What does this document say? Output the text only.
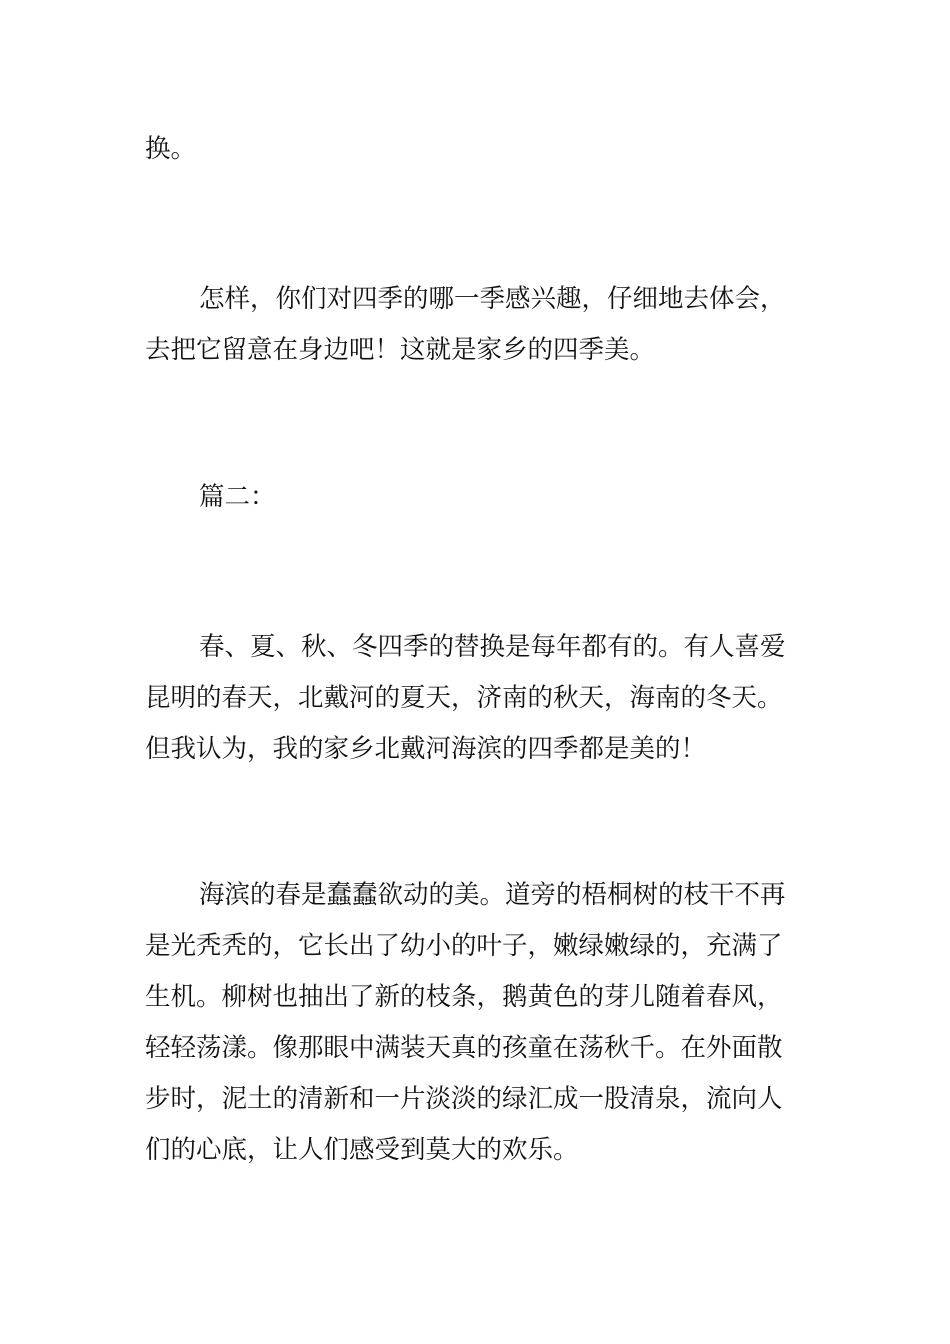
换。

怎样，你们对四季的哪一季感兴趣，仔细地去体会，
去把它留意在身边吧！这就是家乡的四季美。

篇二：

春、夏、秋、冬四季的替换是每年都有的。有人喜爱
昆明的春天，北戴河的夏天，济南的秋天，海南的冬天。
但我认为，我的家乡北戴河海滨的四季都是美的！

海滨的春是蠢蠢欲动的美。道旁的梧桐树的枝干不再
是光秃秃的，它长出了幼小的叶子，嫩绿嫩绿的，充满了
生机。柳树也抽出了新的枝条，鹅黄色的芽儿随着春风，
轻轻荡漾。像那眼中满装天真的孩童在荡秋千。在外面散
步时，泥土的清新和一片淡淡的绿汇成一股清泉，流向人
们的心底，让人们感受到莫大的欢乐。
